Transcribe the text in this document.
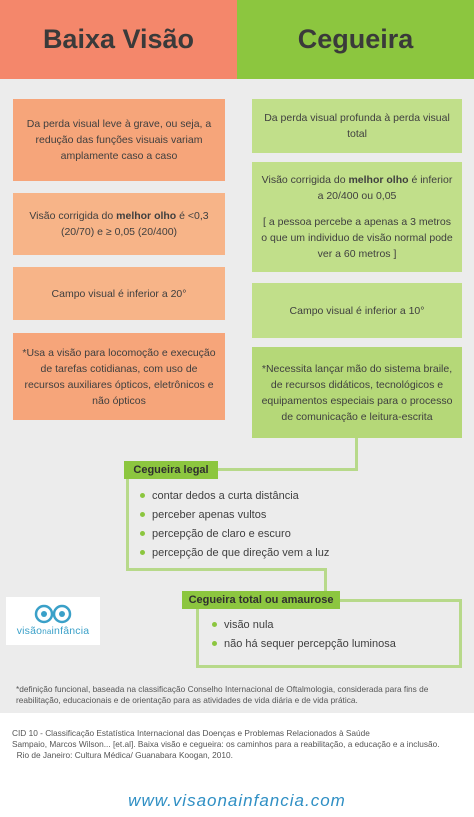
Baixa Visão	Cegueira
Da perda visual leve à grave, ou seja, a redução das funções visuais variam amplamente caso a caso
Visão corrigida do melhor olho é <0,3 (20/70) e ≥ 0,05 (20/400)
Campo visual é inferior a 20°
*Usa a visão para locomoção e execução de tarefas cotidianas, com uso de recursos auxiliares ópticos, eletrônicos e não ópticos
Da perda visual profunda à perda visual total
Visão corrigida do melhor olho é inferior a 20/400 ou 0,05
[ a pessoa percebe a apenas a 3 metros o que um individuo de visão normal pode ver a 60 metros ]
Campo visual é inferior a 10°
*Necessita lançar mão do sistema braile, de recursos didáticos, tecnológicos e equipamentos especiais para o processo de comunicação e leitura-escrita
Cegueira legal
contar dedos a curta distância
perceber apenas vultos
percepção de claro e escuro
percepção de que direção vem a luz
Cegueira total ou amaurose
visão nula
não há sequer percepção luminosa
visãonainfância
*definição funcional, baseada na classificação Conselho Internacional de Oftalmologia, considerada para fins de reabilitação, educacionais e de orientação para as atividades de vida diária e de vida prática.
CID 10 - Classificação Estatística Internacional das Doenças e Problemas Relacionados à Saúde
Sampaio, Marcos Wilson... [et.al]. Baixa visão e cegueira: os caminhos para a reabilitação, a educação e a inclusão.
Rio de Janeiro: Cultura Médica/ Guanabara Koogan, 2010.
www.visaonainfancia.com
